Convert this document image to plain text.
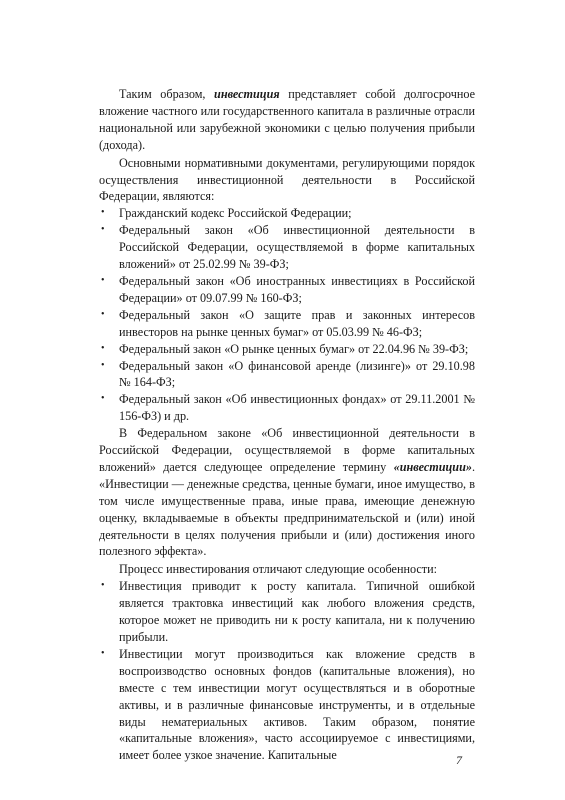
Таким образом, инвестиция представляет собой долгосрочное вложение частного или государственного капитала в различные отрасли национальной или зарубежной экономики с целью получения прибыли (дохода).

Основными нормативными документами, регулирующими порядок осуществления инвестиционной деятельности в Российской Федерации, являются:

• Гражданский кодекс Российской Федерации;
• Федеральный закон «Об инвестиционной деятельности в Российской Федерации, осуществляемой в форме капитальных вложений» от 25.02.99 № 39-ФЗ;
• Федеральный закон «Об иностранных инвестициях в Российской Федерации» от 09.07.99 № 160-ФЗ;
• Федеральный закон «О защите прав и законных интересов инвесторов на рынке ценных бумаг» от 05.03.99 № 46-ФЗ;
• Федеральный закон «О рынке ценных бумаг» от 22.04.96 № 39-ФЗ;
• Федеральный закон «О финансовой аренде (лизинге)» от 29.10.98 № 164-ФЗ;
• Федеральный закон «Об инвестиционных фондах» от 29.11.2001 № 156-ФЗ) и др.

В Федеральном законе «Об инвестиционной деятельности в Российской Федерации, осуществляемой в форме капитальных вложений» дается следующее определение термину «инвестиции». «Инвестиции — денежные средства, ценные бумаги, иное имущество, в том числе имущественные права, иные права, имеющие денежную оценку, вкладываемые в объекты предпринимательской и (или) иной деятельности в целях получения прибыли и (или) достижения иного полезного эффекта».

Процесс инвестирования отличают следующие особенности:

• Инвестиция приводит к росту капитала. Типичной ошибкой является трактовка инвестиций как любого вложения средств, которое может не приводить ни к росту капитала, ни к получению прибыли.
• Инвестиции могут производиться как вложение средств в воспроизводство основных фондов (капитальные вложения), но вместе с тем инвестиции могут осуществляться и в оборотные активы, и в различные финансовые инструменты, и в отдельные виды нематериальных активов. Таким образом, понятие «капитальные вложения», часто ассоциируемое с инвестициями, имеет более узкое значение. Капитальные	7
